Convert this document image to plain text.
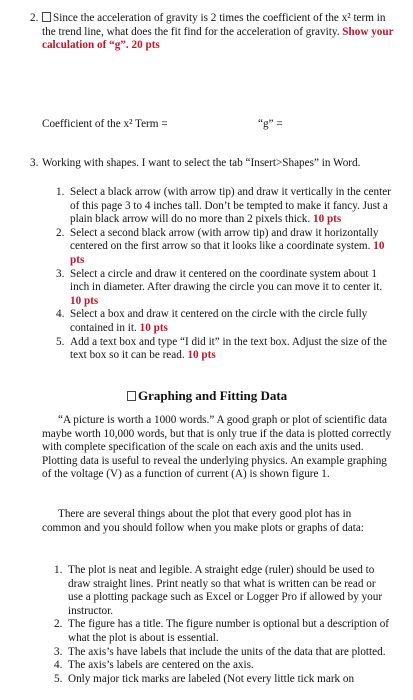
2. Since the acceleration of gravity is 2 times the coefficient of the x² term in the trend line, what does the fit find for the acceleration of gravity. Show your calculation of “g”. 20 pts
Coefficient of the x² Term =	“g” =
3. Working with shapes. I want to select the tab “Insert>Shapes” in Word.
1. Select a black arrow (with arrow tip) and draw it vertically in the center of this page 3 to 4 inches tall. Don’t be tempted to make it fancy. Just a plain black arrow will do no more than 2 pixels thick. 10 pts
2. Select a second black arrow (with arrow tip) and draw it horizontally centered on the first arrow so that it looks like a coordinate system. 10 pts
3. Select a circle and draw it centered on the coordinate system about 1 inch in diameter. After drawing the circle you can move it to center it. 10 pts
4. Select a box and draw it centered on the circle with the circle fully contained in it. 10 pts
5. Add a text box and type “I did it” in the text box. Adjust the size of the text box so it can be read. 10 pts
Graphing and Fitting Data
“A picture is worth a 1000 words.” A good graph or plot of scientific data maybe worth 10,000 words, but that is only true if the data is plotted correctly with complete specification of the scale on each axis and the units used. Plotting data is useful to reveal the underlying physics. An example graphing of the voltage (V) as a function of current (A) is shown figure 1.
There are several things about the plot that every good plot has in common and you should follow when you make plots or graphs of data:
1. The plot is neat and legible. A straight edge (ruler) should be used to draw straight lines. Print neatly so that what is written can be read or use a plotting package such as Excel or Logger Pro if allowed by your instructor.
2. The figure has a title. The figure number is optional but a description of what the plot is about is essential.
3. The axis’s have labels that include the units of the data that are plotted.
4. The axis’s labels are centered on the axis.
5. Only major tick marks are labeled (Not every little tick mark on
